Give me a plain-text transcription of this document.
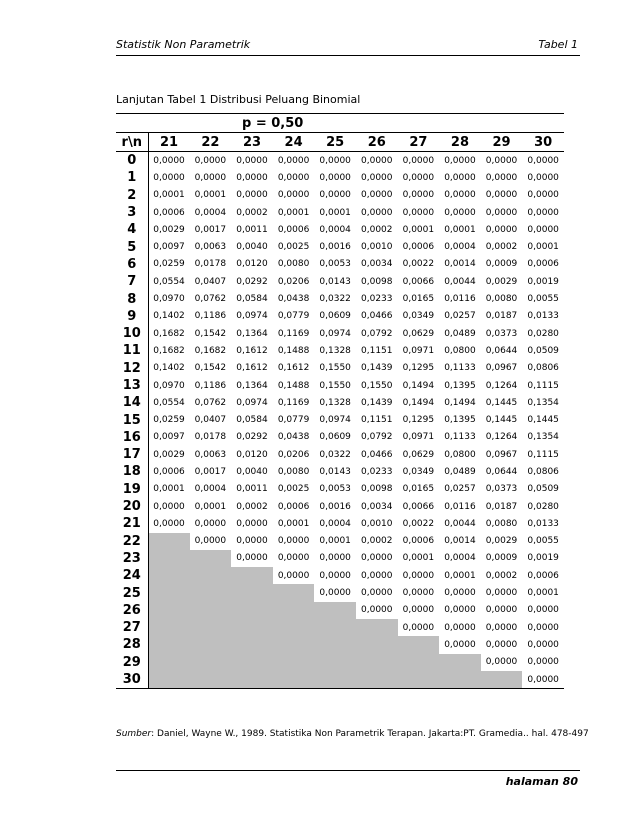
Statistik Non Parametrik	Tabel 1
Lanjutan Tabel 1 Distribusi Peluang Binomial
	p = 0,50									
r\n	21	22	23	24	25	26	27	28	29	30
0	0,0000	0,0000	0,0000	0,0000	0,0000	0,0000	0,0000	0,0000	0,0000	0,0000
1	0,0000	0,0000	0,0000	0,0000	0,0000	0,0000	0,0000	0,0000	0,0000	0,0000
2	0,0001	0,0001	0,0000	0,0000	0,0000	0,0000	0,0000	0,0000	0,0000	0,0000
3	0,0006	0,0004	0,0002	0,0001	0,0001	0,0000	0,0000	0,0000	0,0000	0,0000
4	0,0029	0,0017	0,0011	0,0006	0,0004	0,0002	0,0001	0,0001	0,0000	0,0000
5	0,0097	0,0063	0,0040	0,0025	0,0016	0,0010	0,0006	0,0004	0,0002	0,0001
6	0,0259	0,0178	0,0120	0,0080	0,0053	0,0034	0,0022	0,0014	0,0009	0,0006
7	0,0554	0,0407	0,0292	0,0206	0,0143	0,0098	0,0066	0,0044	0,0029	0,0019
8	0,0970	0,0762	0,0584	0,0438	0,0322	0,0233	0,0165	0,0116	0,0080	0,0055
9	0,1402	0,1186	0,0974	0,0779	0,0609	0,0466	0,0349	0,0257	0,0187	0,0133
10	0,1682	0,1542	0,1364	0,1169	0,0974	0,0792	0,0629	0,0489	0,0373	0,0280
11	0,1682	0,1682	0,1612	0,1488	0,1328	0,1151	0,0971	0,0800	0,0644	0,0509
12	0,1402	0,1542	0,1612	0,1612	0,1550	0,1439	0,1295	0,1133	0,0967	0,0806
13	0,0970	0,1186	0,1364	0,1488	0,1550	0,1550	0,1494	0,1395	0,1264	0,1115
14	0,0554	0,0762	0,0974	0,1169	0,1328	0,1439	0,1494	0,1494	0,1445	0,1354
15	0,0259	0,0407	0,0584	0,0779	0,0974	0,1151	0,1295	0,1395	0,1445	0,1445
16	0,0097	0,0178	0,0292	0,0438	0,0609	0,0792	0,0971	0,1133	0,1264	0,1354
17	0,0029	0,0063	0,0120	0,0206	0,0322	0,0466	0,0629	0,0800	0,0967	0,1115
18	0,0006	0,0017	0,0040	0,0080	0,0143	0,0233	0,0349	0,0489	0,0644	0,0806
19	0,0001	0,0004	0,0011	0,0025	0,0053	0,0098	0,0165	0,0257	0,0373	0,0509
20	0,0000	0,0001	0,0002	0,0006	0,0016	0,0034	0,0066	0,0116	0,0187	0,0280
21	0,0000	0,0000	0,0000	0,0001	0,0004	0,0010	0,0022	0,0044	0,0080	0,0133
22		0,0000	0,0000	0,0000	0,0001	0,0002	0,0006	0,0014	0,0029	0,0055
23			0,0000	0,0000	0,0000	0,0000	0,0001	0,0004	0,0009	0,0019
24				0,0000	0,0000	0,0000	0,0000	0,0001	0,0002	0,0006
25					0,0000	0,0000	0,0000	0,0000	0,0000	0,0001
26						0,0000	0,0000	0,0000	0,0000	0,0000
27							0,0000	0,0000	0,0000	0,0000
28								0,0000	0,0000	0,0000
29									0,0000	0,0000
30										0,0000
Sumber: Daniel, Wayne W., 1989. Statistika Non Parametrik Terapan. Jakarta:PT. Gramedia.. hal. 478-497
halaman 80
